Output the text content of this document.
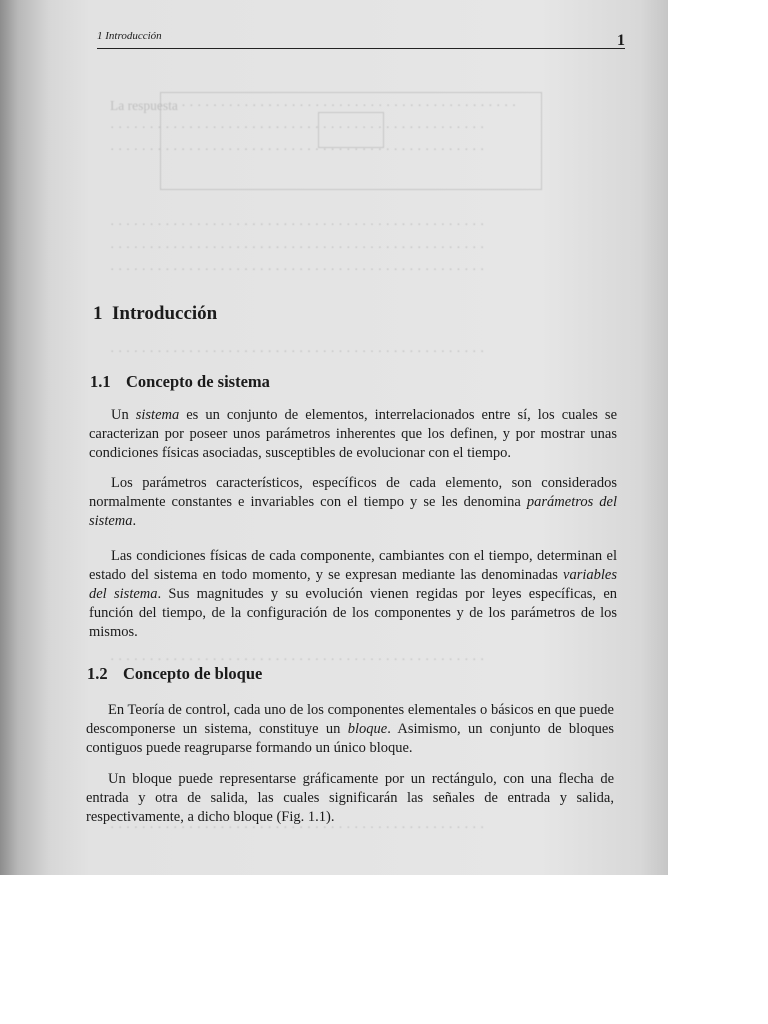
La respuesta · · · · · · · · · · · · · · · · · · · · · · · · · · · · · · · · · · · · · · · · · · ·
· · · · · · · · · · · · · · · · · · · · · · · · · · · · · · · · · · · · · · · · · · · · · · · ·
· · · · · · · · · · · · · · · · · · · · · · · · · · · · · · · · · · · · · · · · · · · · · · · ·
· · · · · · · · · · · · · · · · · · · · · · · · · · · · · · · · · · · · · · · · · · · · · · · ·
· · · · · · · · · · · · · · · · · · · · · · · · · · · · · · · · · · · · · · · · · · · · · · · ·
· · · · · · · · · · · · · · · · · · · · · · · · · · · · · · · · · · · · · · · · · · · · · · · ·
· · · · · · · · · · · · · · · · · · · · · · · · · · · · · · · · · · · · · · · · · · · · · · · ·
· · · · · · · · · · · · · · · · · · · · · · · · · · · · · · · · · · · · · · · · · · · · · · · ·
· · · · · · · · · · · · · · · · · · · · · · · · · · · · · · · · · · · · · · · · · · · · · · · ·
1 Introducción	1
1 Introducción
1.1 Concepto de sistema

Un sistema es un conjunto de elementos, interrelacionados entre sí, los cuales se caracterizan por poseer unos parámetros inherentes que los definen, y por mostrar unas condiciones físicas asociadas, susceptibles de evolucionar con el tiempo.

Los parámetros característicos, específicos de cada elemento, son considerados normalmente constantes e invariables con el tiempo y se les denomina parámetros del sistema.

Las condiciones físicas de cada componente, cambiantes con el tiempo, determinan el estado del sistema en todo momento, y se expresan mediante las denominadas variables del sistema. Sus magnitudes y su evolución vienen regidas por leyes específicas, en función del tiempo, de la configuración de los componentes y de los parámetros de los mismos.

1.2 Concepto de bloque

En Teoría de control, cada uno de los componentes elementales o básicos en que puede descomponerse un sistema, constituye un bloque. Asimismo, un conjunto de bloques contiguos puede reagruparse formando un único bloque.

Un bloque puede representarse gráficamente por un rectángulo, con una flecha de entrada y otra de salida, las cuales significarán las señales de entrada y salida, respectivamente, a dicho bloque (Fig. 1.1).
